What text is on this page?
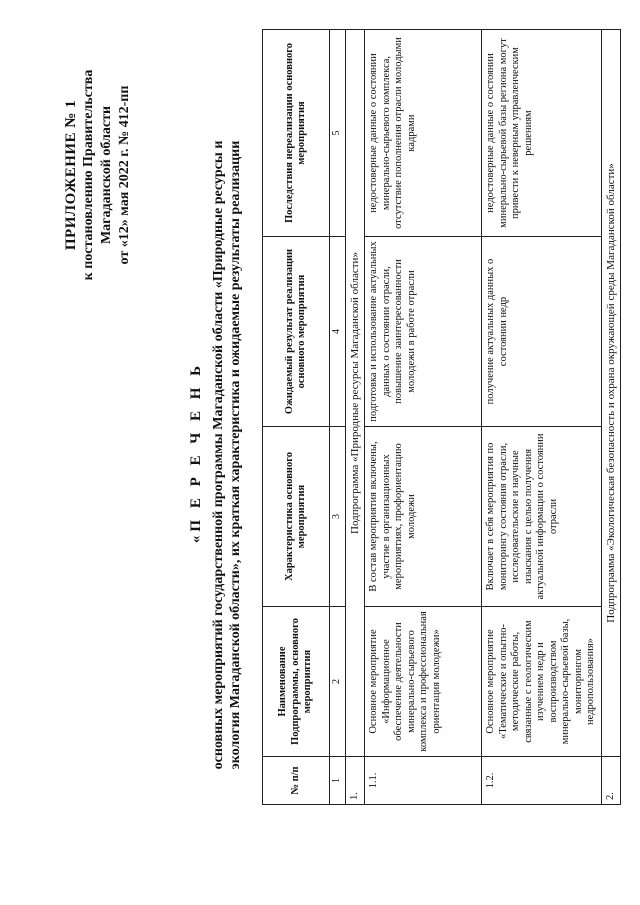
ПРИЛОЖЕНИЕ № 1 к постановлению Правительства Магаданской области от «12» мая 2022 г. № 412-пп
«П Е Р Е Ч Е Н Ь основных мероприятий государственной программы Магаданской области «Природные ресурсы и экология Магаданской области», их краткая характеристика и ожидаемые результаты реализации
№ п/п	Наименование Подпрограммы, основного мероприятия	Характеристика основного мероприятия	Ожидаемый результат реализации основного мероприятия	Последствия нереализации основного мероприятия
1	2	3	4	5
1.	Подпрограмма «Природные ресурсы Магаданской области»			
1.1.	Основное мероприятие «Информационное обеспечение деятельности минерально-сырьевого комплекса и профессиональная ориентация молодежи»	В состав мероприятия включены, участие в организационных мероприятиях, профориентацию молодежи	подготовка и использование актуальных данных о состоянии отрасли, повышение заинтересованности молодежи в работе отрасли	недостоверные данные о состоянии минерально-сырьевого комплекса, отсутствие пополнения отрасли молодыми кадрами
1.2.	Основное мероприятие «Тематические и опытно-методические работы, связанные с геологическим изучением недр и воспроизводством минерально-сырьевой базы, мониторингом недропользования»	Включает в себя мероприятия по мониторингу состояния отрасли, исследовательские и научные изыскания с целью получения актуальной информации о состоянии отрасли	получение актуальных данных о состоянии недр	недостоверные данные о состоянии минерально-сырьевой базы региона могут привести к неверным управленческим решениям
2.	Подпрограмма «Экологическая безопасность и охрана окружающей среды Магаданской области»			
